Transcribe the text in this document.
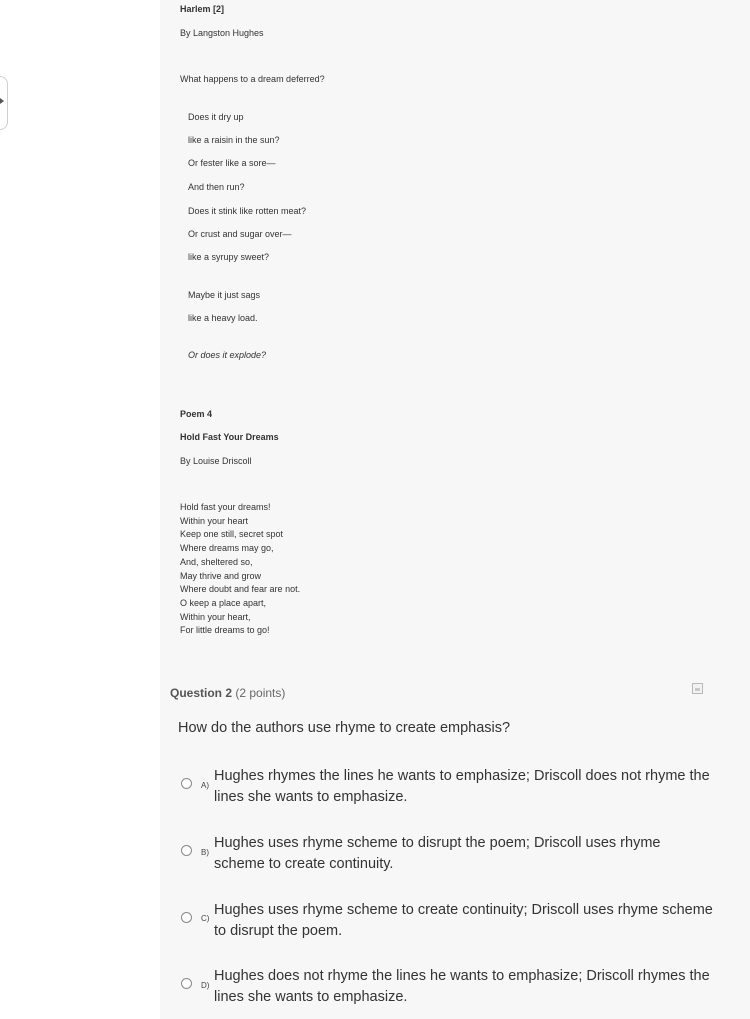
Harlem [2]
By Langston Hughes
What happens to a dream deferred?
Does it dry up
like a raisin in the sun?
Or fester like a sore—
And then run?
Does it stink like rotten meat?
Or crust and sugar over—
like a syrupy sweet?
Maybe it just sags
like a heavy load.
Or does it explode?
Poem 4
Hold Fast Your Dreams
By Louise Driscoll
Hold fast your dreams!
Within your heart
Keep one still, secret spot
Where dreams may go,
And, sheltered so,
May thrive and grow
Where doubt and fear are not.
O keep a place apart,
Within your heart,
For little dreams to go!
Question 2 (2 points)
How do the authors use rhyme to create emphasis?
A)
Hughes rhymes the lines he wants to emphasize; Driscoll does not rhyme the lines she wants to emphasize.
B)
Hughes uses rhyme scheme to disrupt the poem; Driscoll uses rhyme scheme to create continuity.
C)
Hughes uses rhyme scheme to create continuity; Driscoll uses rhyme scheme to disrupt the poem.
D)
Hughes does not rhyme the lines he wants to emphasize; Driscoll rhymes the lines she wants to emphasize.
